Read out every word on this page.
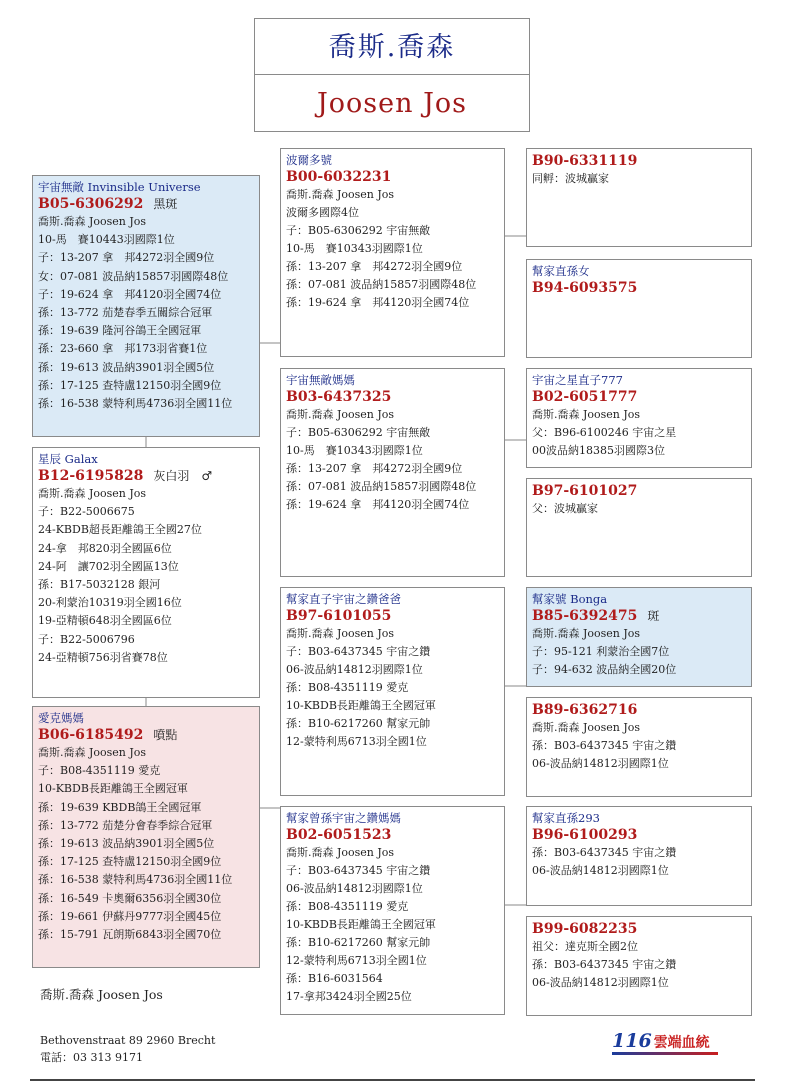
喬斯.喬森
Joosen Jos
宇宙無敵 Invinsible Universe
B05-6306292 黑斑
喬斯.喬森 Joosen Jos
10-馬　賽10443羽國際1位
子：13-207 拿　邦4272羽全國9位
女：07-081 波品納15857羽國際48位
子：19-624 拿　邦4120羽全國74位
孫：13-772 茄楚春季五關綜合冠軍
孫：19-639 隆河谷鴿王全國冠軍
孫：23-660 拿　邦173羽省賽1位
孫：19-613 波品納3901羽全國5位
孫：17-125 查特盧12150羽全國9位
孫：16-538 蒙特利馬4736羽全國11位
星辰 Galax
B12-6195828 灰白羽　♂
喬斯.喬森 Joosen Jos
子：B22-5006675
24-KBDB超長距離鴿王全國27位
24-拿　邦820羽全國區6位
24-阿　讓702羽全國區13位
孫：B17-5032128 銀河
20-利蒙治10319羽全國16位
19-亞精頓648羽全國區6位
子：B22-5006796
24-亞精頓756羽省賽78位
愛克媽媽
B06-6185492 噴點
喬斯.喬森 Joosen Jos
子：B08-4351119 愛克
10-KBDB長距離鴿王全國冠軍
孫：19-639 KBDB鴿王全國冠軍
孫：13-772 茄楚分會春季綜合冠軍
孫：19-613 波品納3901羽全國5位
孫：17-125 查特盧12150羽全國9位
孫：16-538 蒙特利馬4736羽全國11位
孫：16-549 卡奧爾6356羽全國30位
孫：19-661 伊蘇丹9777羽全國45位
孫：15-791 瓦朗斯6843羽全國70位
波爾多號
B00-6032231
喬斯.喬森 Joosen Jos
波爾多國際4位
子：B05-6306292 宇宙無敵
10-馬　賽10343羽國際1位
孫：13-207 拿　邦4272羽全國9位
孫：07-081 波品納15857羽國際48位
孫：19-624 拿　邦4120羽全國74位
宇宙無敵媽媽
B03-6437325
喬斯.喬森 Joosen Jos
子：B05-6306292 宇宙無敵
10-馬　賽10343羽國際1位
孫：13-207 拿　邦4272羽全國9位
孫：07-081 波品納15857羽國際48位
孫：19-624 拿　邦4120羽全國74位
幫家直子宇宙之鑽爸爸
B97-6101055
喬斯.喬森 Joosen Jos
子：B03-6437345 宇宙之鑽
06-波品納14812羽國際1位
孫：B08-4351119 愛克
10-KBDB長距離鴿王全國冠軍
孫：B10-6217260 幫家元帥
12-蒙特利馬6713羽全國1位
幫家曾孫宇宙之鑽媽媽
B02-6051523
喬斯.喬森 Joosen Jos
子：B03-6437345 宇宙之鑽
06-波品納14812羽國際1位
孫：B08-4351119 愛克
10-KBDB長距離鴿王全國冠軍
孫：B10-6217260 幫家元帥
12-蒙特利馬6713羽全國1位
孫：B16-6031564
17-拿邦3424羽全國25位
B90-6331119
同孵：波城贏家
幫家直孫女
B94-6093575
宇宙之星直子777
B02-6051777
喬斯.喬森 Joosen Jos
父：B96-6100246 宇宙之星
00波品納18385羽國際3位
B97-6101027
父：波城贏家
幫家號 Bonga
B85-6392475 斑
喬斯.喬森 Joosen Jos
子：95-121 利蒙治全國7位
子：94-632 波品納全國20位
B89-6362716
喬斯.喬森 Joosen Jos
孫：B03-6437345 宇宙之鑽
06-波品納14812羽國際1位
幫家直孫293
B96-6100293
孫：B03-6437345 宇宙之鑽
06-波品納14812羽國際1位
B99-6082235
祖父：達克斯全國2位
孫：B03-6437345 宇宙之鑽
06-波品納14812羽國際1位
喬斯.喬森 Joosen Jos
Bethovenstraat 89 2960 Brecht
電話：03 313 9171
116 雲端血統
